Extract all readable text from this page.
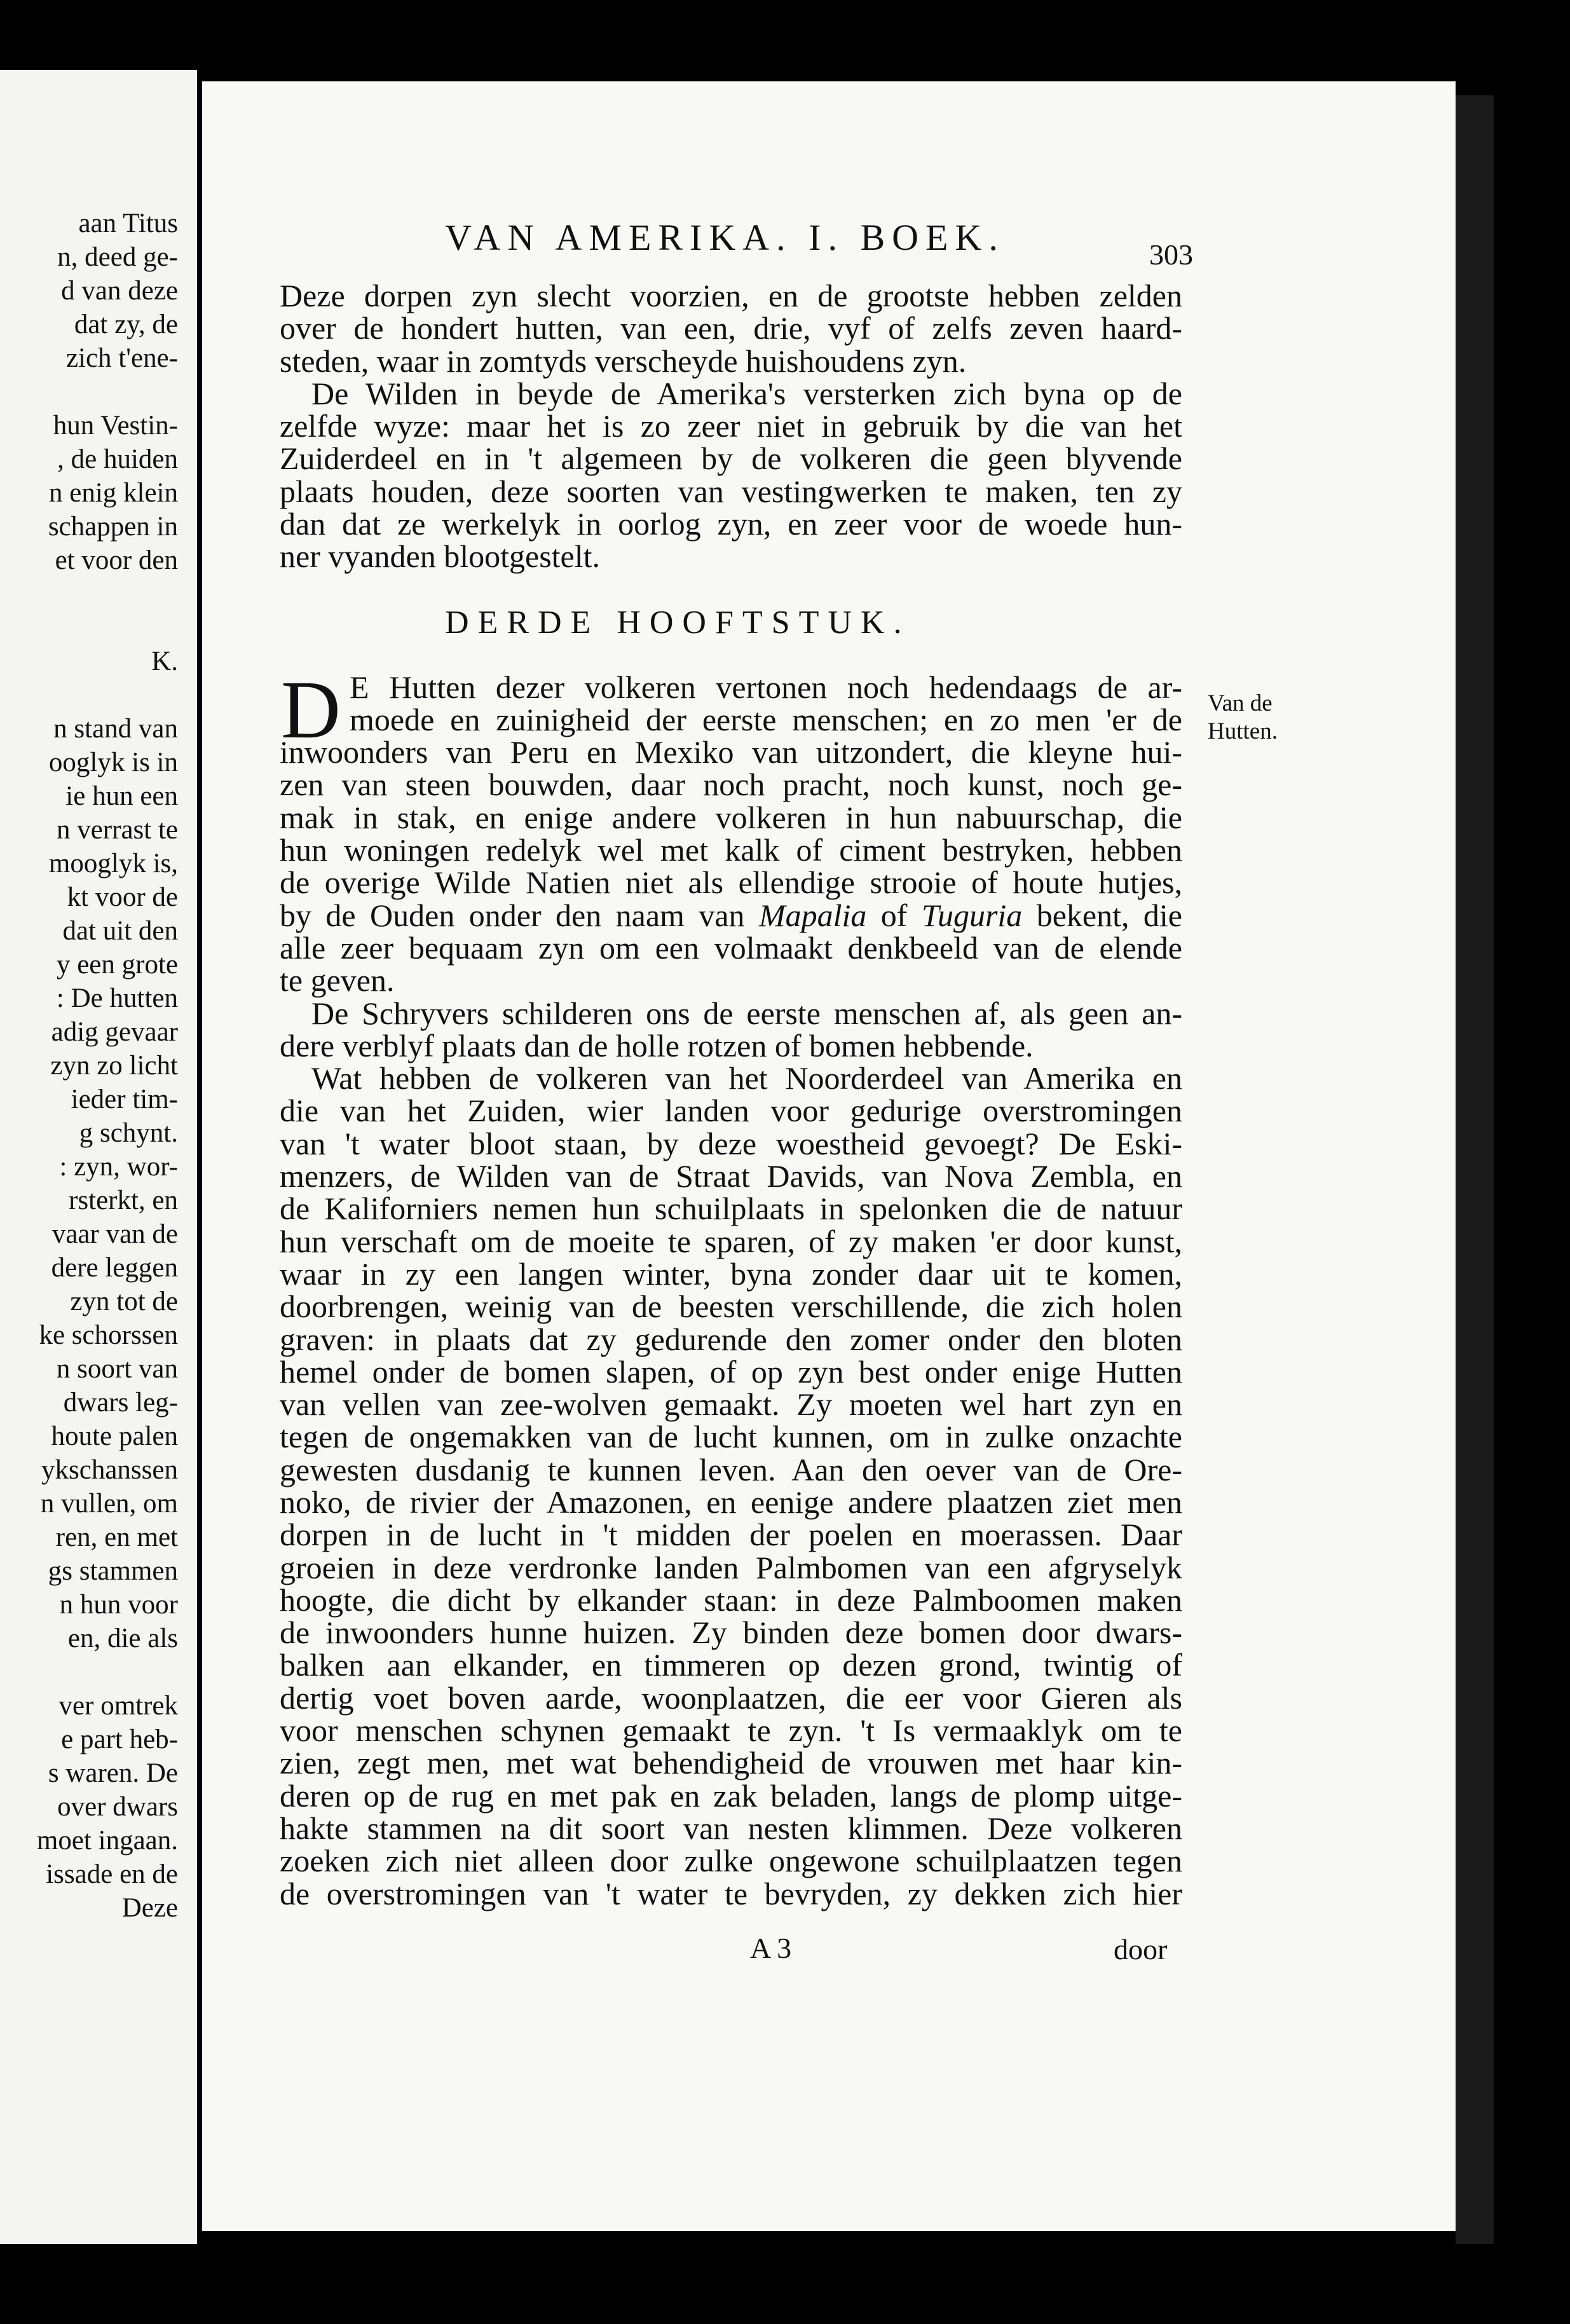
aan Titus
n, deed ge-
d van deze
dat zy, de
zich t'ene-
hun Vestin-
, de huiden
n enig klein
schappen in
et voor den
K.
n stand van
ooglyk is in
ie hun een
n verrast te
mooglyk is,
kt voor de
dat uit den
y een grote
: De hutten
adig gevaar
zyn zo licht
ieder tim-
g schynt.
: zyn, wor-
rsterkt, en
vaar van de
dere leggen
zyn tot de
ke schorssen
n soort van
dwars leg-
houte palen
ykschanssen
n vullen, om
ren, en met
gs stammen
n hun voor
en, die als
ver omtrek
e part heb-
s waren. De
over dwars
moet ingaan.
issade en de
Deze
VAN AMERIKA. I. BOEK.	303
Deze dorpen zyn slecht voorzien, en de grootste hebben zelden
over de hondert hutten, van een, drie, vyf of zelfs zeven haard-
steden, waar in zomtyds verscheyde huishoudens zyn.
De Wilden in beyde de Amerika's versterken zich byna op de
zelfde wyze: maar het is zo zeer niet in gebruik by die van het
Zuiderdeel en in 't algemeen by de volkeren die geen blyvende
plaats houden, deze soorten van vestingwerken te maken, ten zy
dan dat ze werkelyk in oorlog zyn, en zeer voor de woede hun-
ner vyanden blootgestelt.
E Hutten dezer volkeren vertonen noch hedendaags de ar-
moede en zuinigheid der eerste menschen; en zo men 'er de
inwoonders van Peru en Mexiko van uitzondert, die kleyne hui-
zen van steen bouwden, daar noch pracht, noch kunst, noch ge-
mak in stak, en enige andere volkeren in hun nabuurschap, die
hun woningen redelyk wel met kalk of ciment bestryken, hebben
de overige Wilde Natien niet als ellendige strooie of houte hutjes,
by de Ouden onder den naam van Mapalia of Tuguria bekent, die
alle zeer bequaam zyn om een volmaakt denkbeeld van de elende
te geven.
De Schryvers schilderen ons de eerste menschen af, als geen an-
dere verblyf plaats dan de holle rotzen of bomen hebbende.
Wat hebben de volkeren van het Noorderdeel van Amerika en
die van het Zuiden, wier landen voor gedurige overstromingen
van 't water bloot staan, by deze woestheid gevoegt? De Eski-
menzers, de Wilden van de Straat Davids, van Nova Zembla, en
de Kaliforniers nemen hun schuilplaats in spelonken die de natuur
hun verschaft om de moeite te sparen, of zy maken 'er door kunst,
waar in zy een langen winter, byna zonder daar uit te komen,
doorbrengen, weinig van de beesten verschillende, die zich holen
graven: in plaats dat zy gedurende den zomer onder den bloten
hemel onder de bomen slapen, of op zyn best onder enige Hutten
van vellen van zee-wolven gemaakt. Zy moeten wel hart zyn en
tegen de ongemakken van de lucht kunnen, om in zulke onzachte
gewesten dusdanig te kunnen leven. Aan den oever van de Ore-
noko, de rivier der Amazonen, en eenige andere plaatzen ziet men
dorpen in de lucht in 't midden der poelen en moerassen. Daar
groeien in deze verdronke landen Palmbomen van een afgryselyk
hoogte, die dicht by elkander staan: in deze Palmboomen maken
de inwoonders hunne huizen. Zy binden deze bomen door dwars-
balken aan elkander, en timmeren op dezen grond, twintig of
dertig voet boven aarde, woonplaatzen, die eer voor Gieren als
voor menschen schynen gemaakt te zyn. 't Is vermaaklyk om te
zien, zegt men, met wat behendigheid de vrouwen met haar kin-
deren op de rug en met pak en zak beladen, langs de plomp uitge-
hakte stammen na dit soort van nesten klimmen. Deze volkeren
zoeken zich niet alleen door zulke ongewone schuilplaatzen tegen
de overstromingen van 't water te bevryden, zy dekken zich hier
DERDE HOOFTSTUK.
D	Van de
Hutten.
A 3	door
